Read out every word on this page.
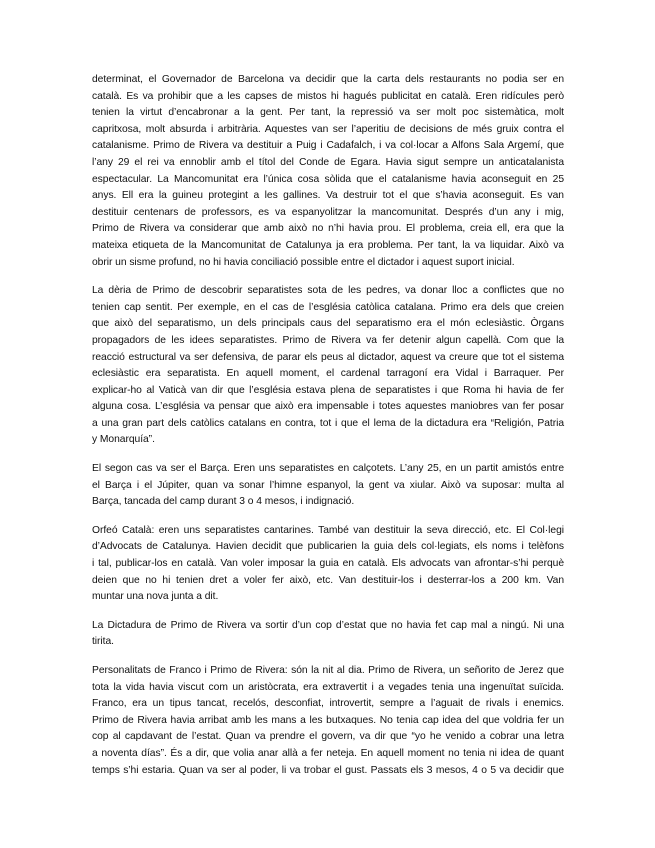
determinat, el Governador de Barcelona va decidir que la carta dels restaurants no podia ser en
català. Es va prohibir que a les capses de mistos hi hagués publicitat en català. Eren ridícules però
tenien la virtut d’encabronar a la gent. Per tant, la repressió va ser molt poc sistemàtica, molt
capritxosa, molt absurda i arbitrària. Aquestes van ser l’aperitiu de decisions de més gruix contra el
catalanisme. Primo de Rivera va destituir a Puig i Cadafalch, i va col·locar a Alfons Sala Argemí, que
l’any 29 el rei va ennoblir amb el títol del Conde de Egara. Havia sigut sempre un anticatalanista
espectacular. La Mancomunitat era l’única cosa sòlida que el catalanisme havia aconseguit en 25
anys. Ell era la guineu protegint a les gallines. Va destruir tot el que s’havia aconseguit. Es van
destituir centenars de professors, es va espanyolitzar la mancomunitat. Després d’un any i mig,
Primo de Rivera va considerar que amb això no n’hi havia prou. El problema, creia ell, era que la
mateixa etiqueta de la Mancomunitat de Catalunya ja era problema. Per tant, la va liquidar. Això va
obrir un sisme profund, no hi havia conciliació possible entre el dictador i aquest suport inicial.

La dèria de Primo de descobrir separatistes sota de les pedres, va donar lloc a conflictes que no
tenien cap sentit. Per exemple, en el cas de l’església catòlica catalana. Primo era dels que creien
que això del separatismo, un dels principals caus del separatismo era el món eclesiàstic. Òrgans
propagadors de les idees separatistes. Primo de Rivera va fer detenir algun capellà. Com que la
reacció estructural va ser defensiva, de parar els peus al dictador, aquest va creure que tot el sistema
eclesiàstic era separatista. En aquell moment, el cardenal tarragoní era Vidal i Barraquer. Per
explicar-ho al Vaticà van dir que l’església estava plena de separatistes i que Roma hi havia de fer
alguna cosa. L’església va pensar que això era impensable i totes aquestes maniobres van fer posar
a una gran part dels catòlics catalans en contra, tot i que el lema de la dictadura era “Religión, Patria
y Monarquía”.

El segon cas va ser el Barça. Eren uns separatistes en calçotets. L’any 25, en un partit amistós entre
el Barça i el Júpiter, quan va sonar l’himne espanyol, la gent va xiular. Això va suposar: multa al
Barça, tancada del camp durant 3 o 4 mesos, i indignació.

Orfeó Català: eren uns separatistes cantarines. També van destituir la seva direcció, etc. El Col·legi
d’Advocats de Catalunya. Havien decidit que publicarien la guia dels col·legiats, els noms i telèfons
i tal, publicar-los en català. Van voler imposar la guia en català. Els advocats van afrontar-s’hi perquè
deien que no hi tenien dret a voler fer això, etc. Van destituir-los i desterrar-los a 200 km. Van
muntar una nova junta a dit.

La Dictadura de Primo de Rivera va sortir d’un cop d’estat que no havia fet cap mal a ningú. Ni una
tirita.

Personalitats de Franco i Primo de Rivera: són la nit al dia. Primo de Rivera, un señorito de Jerez que
tota la vida havia viscut com un aristòcrata, era extravertit i a vegades tenia una ingenuïtat suïcida.
Franco, era un tipus tancat, recelós, desconfiat, introvertit, sempre a l’aguait de rivals i enemics.
Primo de Rivera havia arribat amb les mans a les butxaques. No tenia cap idea del que voldria fer un
cop al capdavant de l’estat. Quan va prendre el govern, va dir que “yo he venido a cobrar una letra
a noventa días”. És a dir, que volia anar allà a fer neteja. En aquell moment no tenia ni idea de quant
temps s’hi estaria. Quan va ser al poder, li va trobar el gust. Passats els 3 mesos, 4 o 5 va decidir que
